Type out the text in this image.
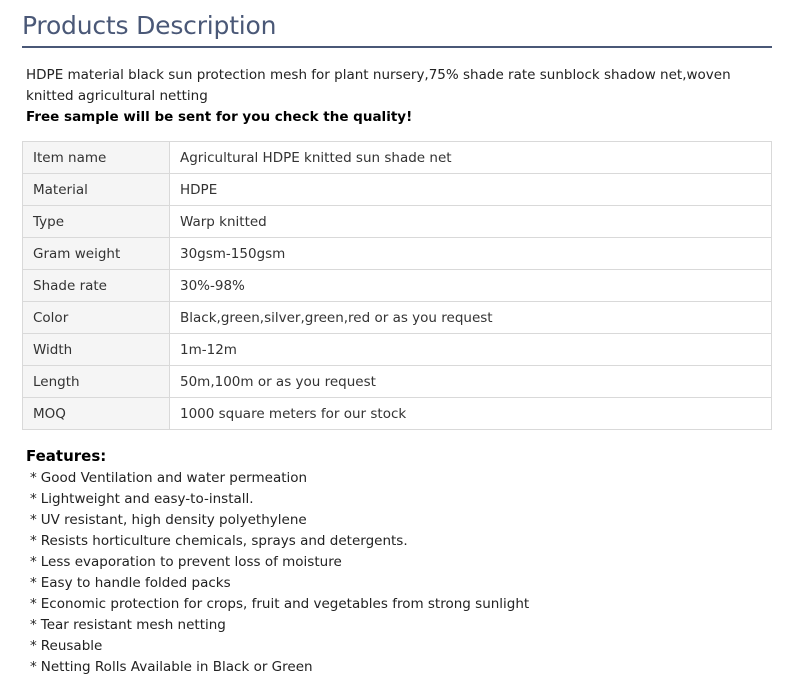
Products Description
HDPE material black sun protection mesh for plant nursery,75% shade rate sunblock shadow net,woven knitted agricultural netting
Free sample will be sent for you check the quality!
Item name	Agricultural HDPE knitted sun shade net
Material	HDPE
Type	Warp knitted
Gram weight	30gsm-150gsm
Shade rate	30%-98%
Color	Black,green,silver,green,red or as you request
Width	1m-12m
Length	50m,100m or as you request
MOQ	1000 square meters for our stock
Features:
* Good Ventilation and water permeation
* Lightweight and easy-to-install.
* UV resistant, high density polyethylene
* Resists horticulture chemicals, sprays and detergents.
* Less evaporation to prevent loss of moisture
* Easy to handle folded packs
* Economic protection for crops, fruit and vegetables from strong sunlight
* Tear resistant mesh netting
* Reusable
* Netting Rolls Available in Black or Green
